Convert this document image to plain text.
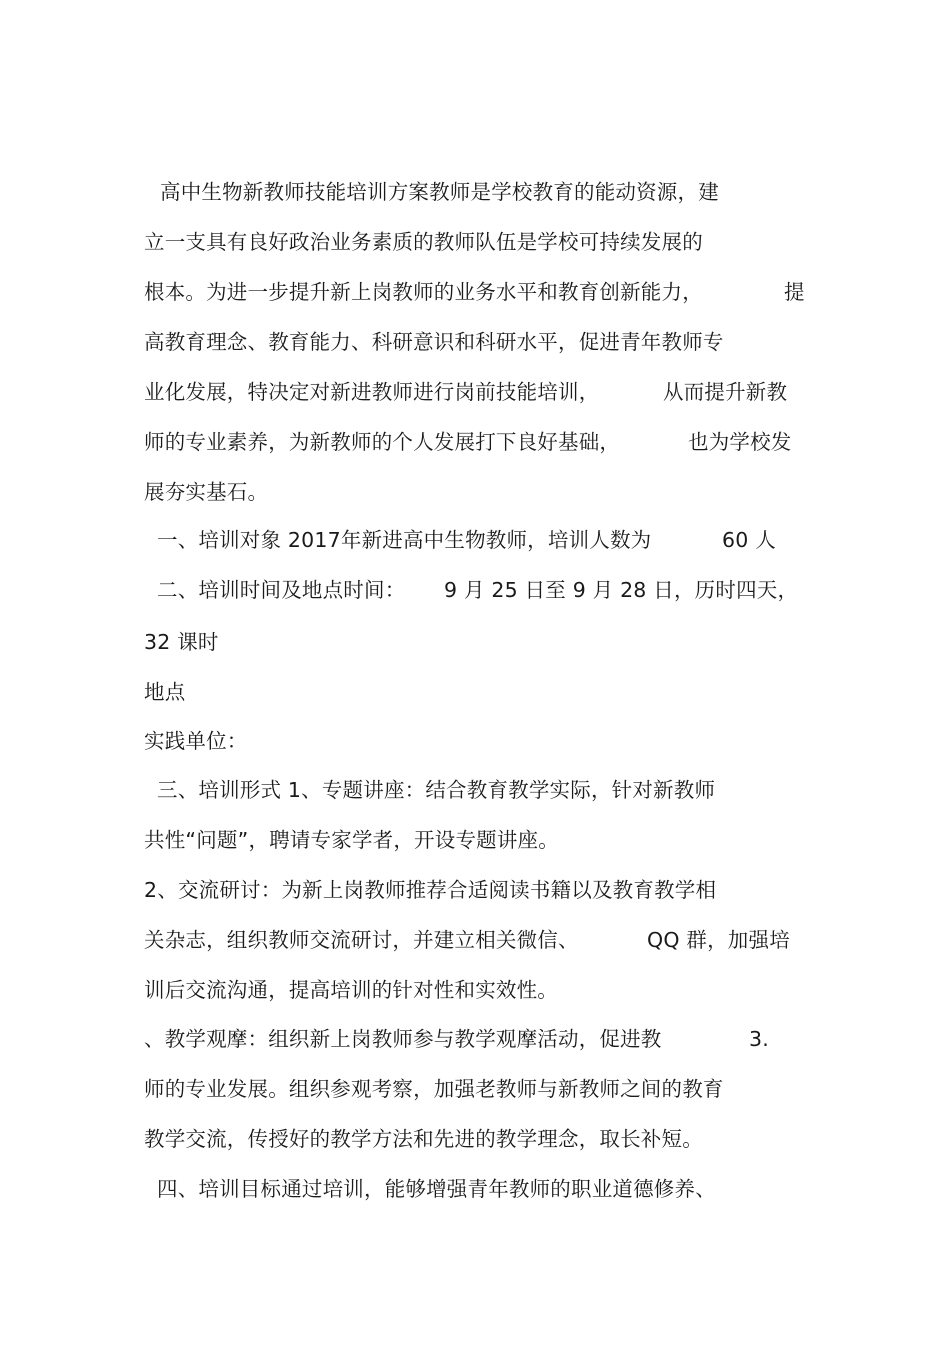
高中生物新教师技能培训方案教师是学校教育的能动资源，建
立一支具有良好政治业务素质的教师队伍是学校可持续发展的
根本。为进一步提升新上岗教师的业务水平和教育创新能力，	提
高教育理念、教育能力、科研意识和科研水平，促进青年教师专
业化发展，特决定对新进教师进行岗前技能培训，	从而提升新教
师的专业素养，为新教师的个人发展打下良好基础，	也为学校发
展夯实基石。
一、培训对象 2017年新进高中生物教师，培训人数为	60 人
二、培训时间及地点时间： 9 月 25 日至 9 月 28 日，历时四天，
32 课时
地点
实践单位：
三、培训形式 1、专题讲座：结合教育教学实际，针对新教师
共性“问题”，聘请专家学者，开设专题讲座。
2、交流研讨：为新上岗教师推荐合适阅读书籍以及教育教学相
关杂志，组织教师交流研讨，并建立相关微信、	QQ 群，加强培
训后交流沟通，提高培训的针对性和实效性。
、教学观摩：组织新上岗教师参与教学观摩活动，促进教	3.
师的专业发展。组织参观考察，加强老教师与新教师之间的教育
教学交流，传授好的教学方法和先进的教学理念，取长补短。
四、培训目标通过培训，能够增强青年教师的职业道德修养、
